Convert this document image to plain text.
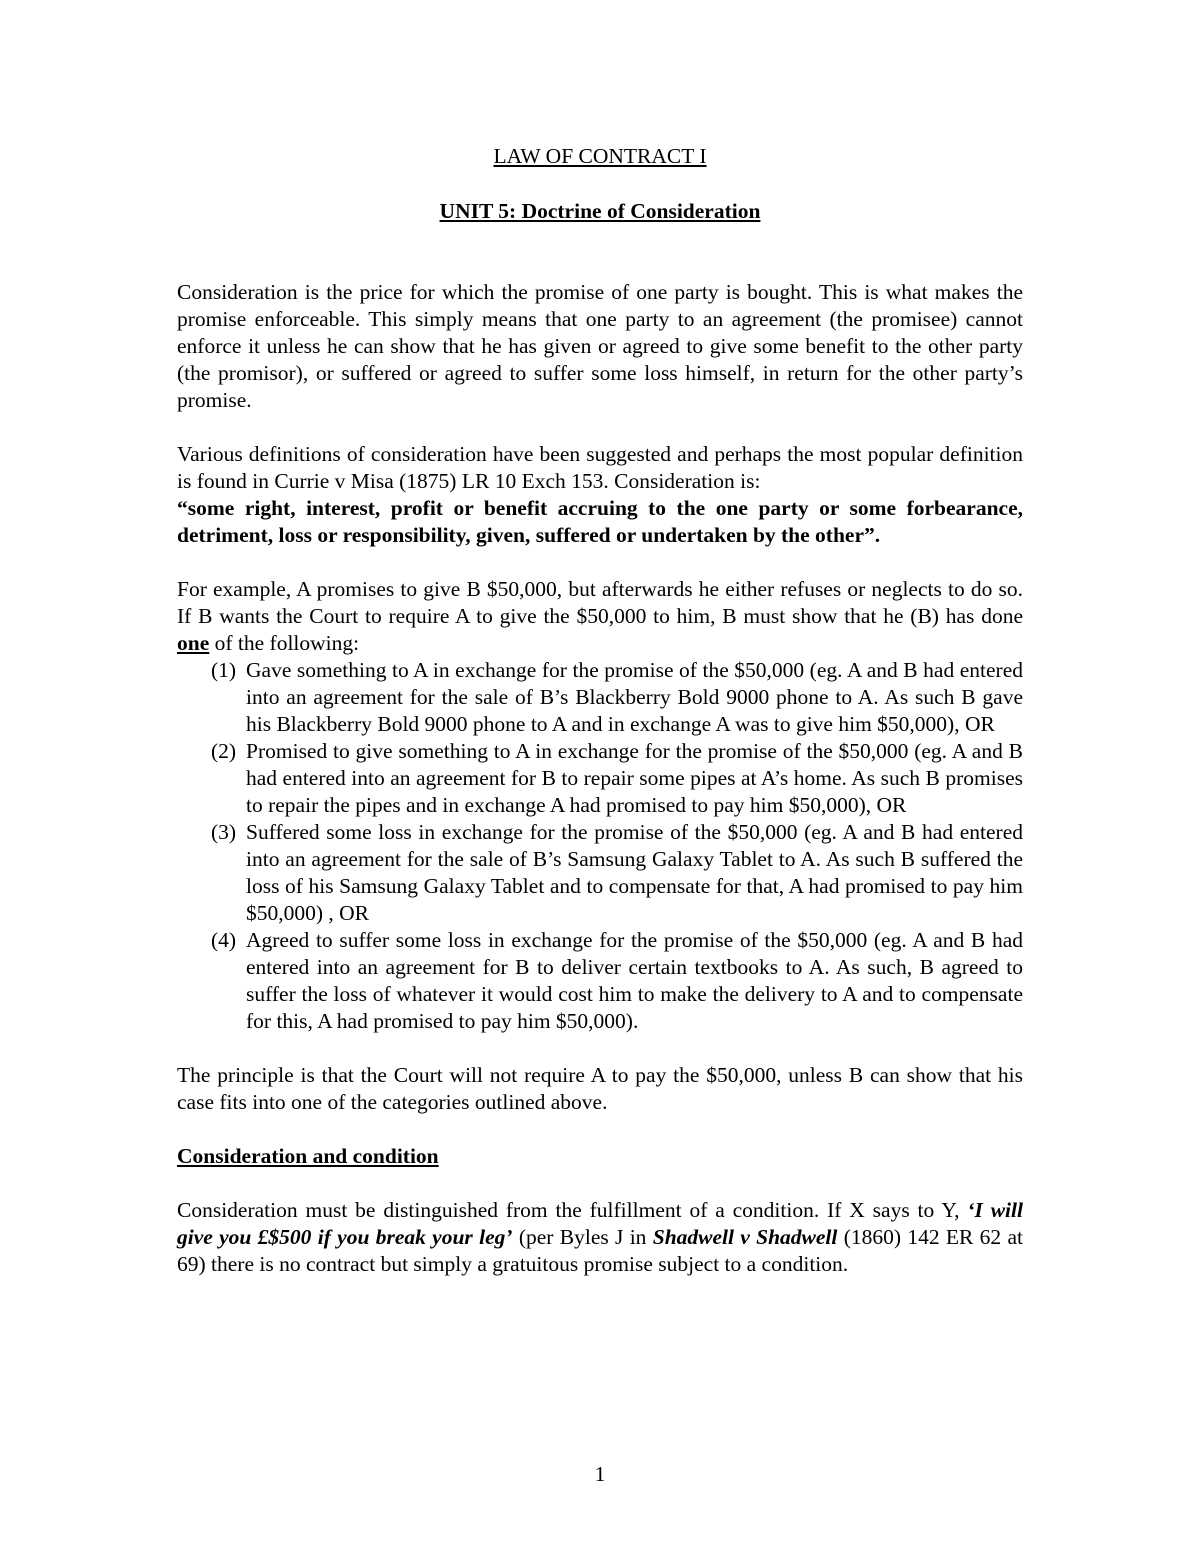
LAW OF CONTRACT I
UNIT 5: Doctrine of Consideration

Consideration is the price for which the promise of one party is bought. This is what makes the promise enforceable. This simply means that one party to an agreement (the promisee) cannot enforce it unless he can show that he has given or agreed to give some benefit to the other party (the promisor), or suffered or agreed to suffer some loss himself, in return for the other party’s promise.

Various definitions of consideration have been suggested and perhaps the most popular definition is found in Currie v Misa (1875) LR 10 Exch 153. Consideration is:

“some right, interest, profit or benefit accruing to the one party or some forbearance, detriment, loss or responsibility, given, suffered or undertaken by the other”.

For example, A promises to give B $50,000, but afterwards he either refuses or neglects to do so. If B wants the Court to require A to give the $50,000 to him, B must show that he (B) has done one of the following:

(1) Gave something to A in exchange for the promise of the $50,000 (eg. A and B had entered into an agreement for the sale of B’s Blackberry Bold 9000 phone to A. As such B gave his Blackberry Bold 9000 phone to A and in exchange A was to give him $50,000), OR
(2) Promised to give something to A in exchange for the promise of the $50,000 (eg. A and B had entered into an agreement for B to repair some pipes at A’s home. As such B promises to repair the pipes and in exchange A had promised to pay him $50,000), OR
(3) Suffered some loss in exchange for the promise of the $50,000 (eg. A and B had entered into an agreement for the sale of B’s Samsung Galaxy Tablet to A. As such B suffered the loss of his Samsung Galaxy Tablet and to compensate for that, A had promised to pay him $50,000) , OR
(4) Agreed to suffer some loss in exchange for the promise of the $50,000 (eg. A and B had entered into an agreement for B to deliver certain textbooks to A. As such, B agreed to suffer the loss of whatever it would cost him to make the delivery to A and to compensate for this, A had promised to pay him $50,000).

The principle is that the Court will not require A to pay the $50,000, unless B can show that his case fits into one of the categories outlined above.

Consideration and condition

Consideration must be distinguished from the fulfillment of a condition. If X says to Y, ‘I will give you £$500 if you break your leg’ (per Byles J in Shadwell v Shadwell (1860) 142 ER 62 at 69) there is no contract but simply a gratuitous promise subject to a condition.

1
